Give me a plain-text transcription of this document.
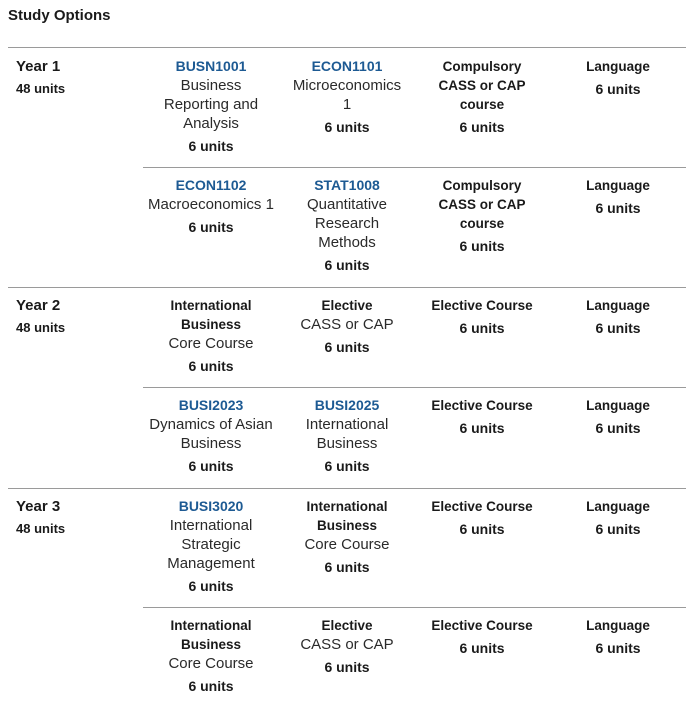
Study Options
Year 1
48 units
Year 2
48 units
Year 3
48 units
BUSN1001
Business Reporting and Analysis
6 units
ECON1101
Microeconomics 1
6 units
Compulsory CASS or CAP course
6 units
Language
6 units
ECON1102
Macroeconomics 1
6 units
STAT1008
Quantitative Research Methods
6 units
Compulsory CASS or CAP course
6 units
Language
6 units
International Business
Core Course
6 units
Elective
CASS or CAP
6 units
Elective Course
6 units
Language
6 units
BUSI2023
Dynamics of Asian Business
6 units
BUSI2025
International Business
6 units
Elective Course
6 units
Language
6 units
BUSI3020
International Strategic Management
6 units
International Business
Core Course
6 units
Elective Course
6 units
Language
6 units
International Business
Core Course
6 units
Elective
CASS or CAP
6 units
Elective Course
6 units
Language
6 units
